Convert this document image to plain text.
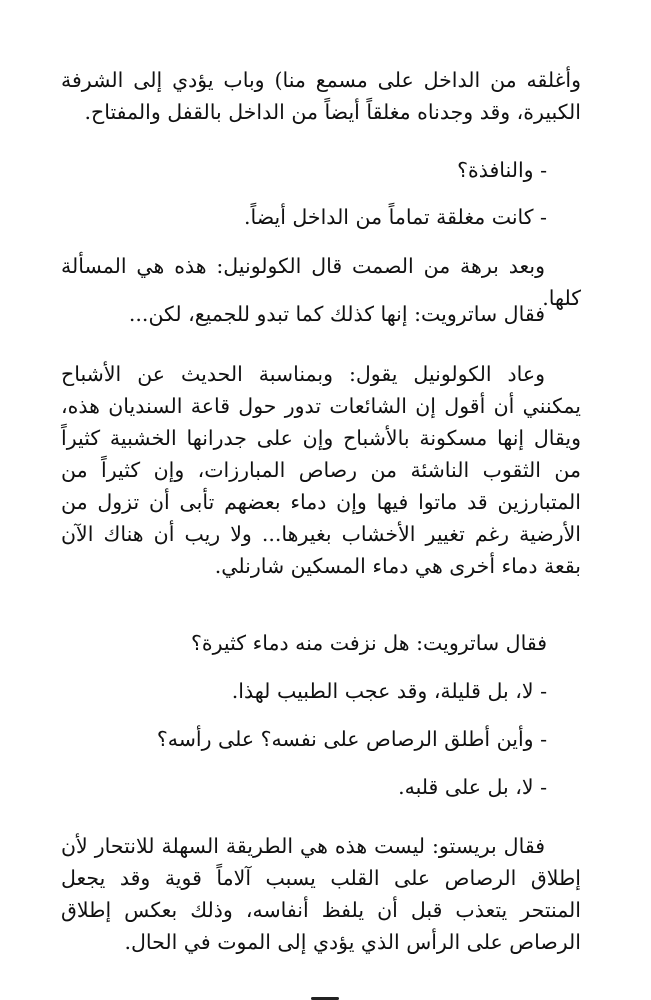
وأغلقه من الداخل على مسمع منا) وباب يؤدي إلى الشرفة الكبيرة، وقد وجدناه مغلقاً أيضاً من الداخل بالقفل والمفتاح.

- والنافذة؟

- كانت مغلقة تماماً من الداخل أيضاً.

وبعد برهة من الصمت قال الكولونيل: هذه هي المسألة كلها.

فقال ساترويت: إنها كذلك كما تبدو للجميع، لكن...

وعاد الكولونيل يقول: وبمناسبة الحديث عن الأشباح يمكنني أن أقول إن الشائعات تدور حول قاعة السنديان هذه، ويقال إنها مسكونة بالأشباح وإن على جدرانها الخشبية كثيراً من الثقوب الناشئة من رصاص المبارزات، وإن كثيراً من المتبارزين قد ماتوا فيها وإن دماء بعضهم تأبى أن تزول من الأرضية رغم تغيير الأخشاب بغيرها... ولا ريب أن هناك الآن بقعة دماء أخرى هي دماء المسكين شارنلي.

فقال ساترويت: هل نزفت منه دماء كثيرة؟

- لا، بل قليلة، وقد عجب الطبيب لهذا.

- وأين أطلق الرصاص على نفسه؟ على رأسه؟

- لا، بل على قلبه.

فقال بريستو: ليست هذه هي الطريقة السهلة للانتحار لأن إطلاق الرصاص على القلب يسبب آلاماً قوية وقد يجعل المنتحر يتعذب قبل أن يلفظ أنفاسه، وذلك بعكس إطلاق الرصاص على الرأس الذي يؤدي إلى الموت في الحال.
